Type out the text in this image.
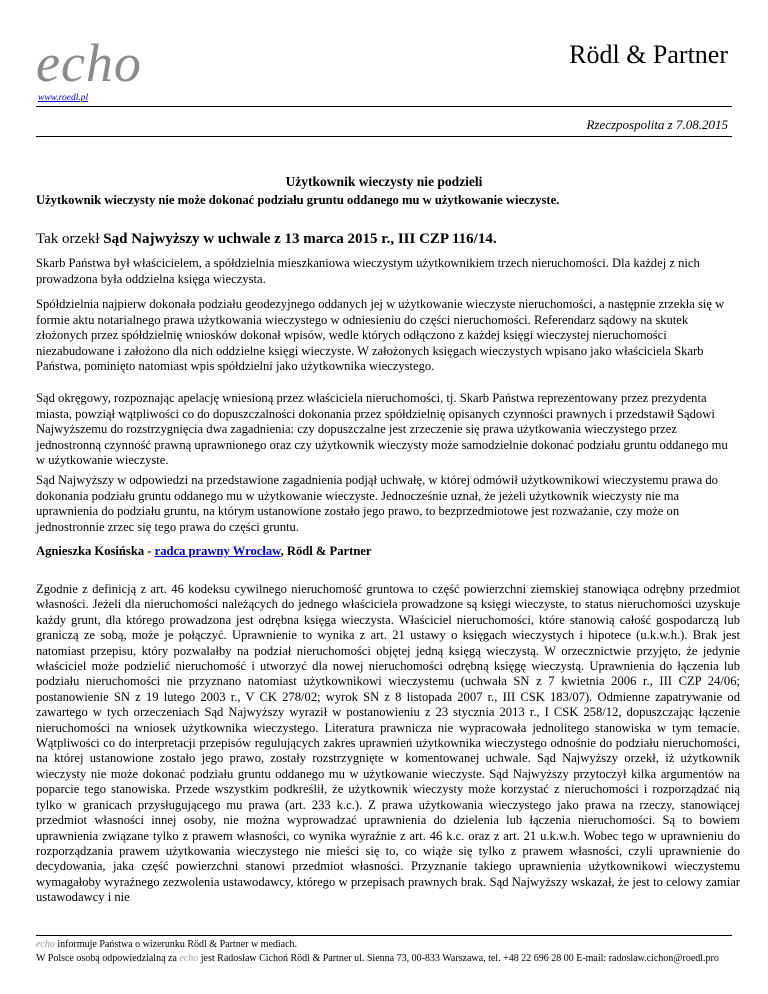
echo	Rödl & Partner
www.roedl.pl
Rzeczpospolita z 7.08.2015
Użytkownik wieczysty nie podzieli
Użytkownik wieczysty nie może dokonać podziału gruntu oddanego mu w użytkowanie wieczyste.
Tak orzekł Sąd Najwyższy w uchwale z 13 marca 2015 r., III CZP 116/14.
Skarb Państwa był właścicielem, a spółdzielnia mieszkaniowa wieczystym użytkownikiem trzech nieruchomości. Dla każdej z nich prowadzona była oddzielna księga wieczysta.
Spółdzielnia najpierw dokonała podziału geodezyjnego oddanych jej w użytkowanie wieczyste nieruchomości, a następnie zrzekła się w formie aktu notarialnego prawa użytkowania wieczystego w odniesieniu do części nieruchomości. Referendarz sądowy na skutek złożonych przez spółdzielnię wniosków dokonał wpisów, wedle których odłączono z każdej księgi wieczystej nieruchomości niezabudowane i założono dla nich oddzielne księgi wieczyste. W założonych księgach wieczystych wpisano jako właściciela Skarb Państwa, pominięto natomiast wpis spółdzielni jako użytkownika wieczystego.
Sąd okręgowy, rozpoznając apelację wniesioną przez właściciela nieruchomości, tj. Skarb Państwa reprezentowany przez prezydenta miasta, powziął wątpliwości co do dopuszczalności dokonania przez spółdzielnię opisanych czynności prawnych i przedstawił Sądowi Najwyższemu do rozstrzygnięcia dwa zagadnienia: czy dopuszczalne jest zrzeczenie się prawa użytkowania wieczystego przez jednostronną czynność prawną uprawnionego oraz czy użytkownik wieczysty może samodzielnie dokonać podziału gruntu oddanego mu w użytkowanie wieczyste.
Sąd Najwyższy w odpowiedzi na przedstawione zagadnienia podjął uchwałę, w której odmówił użytkownikowi wieczystemu prawa do dokonania podziału gruntu oddanego mu w użytkowanie wieczyste. Jednocześnie uznał, że jeżeli użytkownik wieczysty nie ma uprawnienia do podziału gruntu, na którym ustanowione zostało jego prawo, to bezprzedmiotowe jest rozważanie, czy może on jednostronnie zrzec się tego prawa do części gruntu.
Agnieszka Kosińska - radca prawny Wrocław, Rödl & Partner
Zgodnie z definicją z art. 46 kodeksu cywilnego nieruchomość gruntowa to część powierzchni ziemskiej stanowiąca odrębny przedmiot własności. Jeżeli dla nieruchomości należących do jednego właściciela prowadzone są księgi wieczyste, to status nieruchomości uzyskuje każdy grunt, dla którego prowadzona jest odrębna księga wieczysta. Właściciel nieruchomości, które stanowią całość gospodarczą lub graniczą ze sobą, może je połączyć. Uprawnienie to wynika z art. 21 ustawy o księgach wieczystych i hipotece (u.k.w.h.). Brak jest natomiast przepisu, który pozwalałby na podział nieruchomości objętej jedną księgą wieczystą. W orzecznictwie przyjęto, że jedynie właściciel może podzielić nieruchomość i utworzyć dla nowej nieruchomości odrębną księgę wieczystą. Uprawnienia do łączenia lub podziału nieruchomości nie przyznano natomiast użytkownikowi wieczystemu (uchwała SN z 7 kwietnia 2006 r., III CZP 24/06; postanowienie SN z 19 lutego 2003 r., V CK 278/02; wyrok SN z 8 listopada 2007 r., III CSK 183/07). Odmienne zapatrywanie od zawartego w tych orzeczeniach Sąd Najwyższy wyraził w postanowieniu z 23 stycznia 2013 r., I CSK 258/12, dopuszczając łączenie nieruchomości na wniosek użytkownika wieczystego. Literatura prawnicza nie wypracowała jednolitego stanowiska w tym temacie. Wątpliwości co do interpretacji przepisów regulujących zakres uprawnień użytkownika wieczystego odnośnie do podziału nieruchomości, na której ustanowione zostało jego prawo, zostały rozstrzygnięte w komentowanej uchwale. Sąd Najwyższy orzekł, iż użytkownik wieczysty nie może dokonać podziału gruntu oddanego mu w użytkowanie wieczyste. Sąd Najwyższy przytoczył kilka argumentów na poparcie tego stanowiska. Przede wszystkim podkreślił, że użytkownik wieczysty może korzystać z nieruchomości i rozporządzać nią tylko w granicach przysługującego mu prawa (art. 233 k.c.). Z prawa użytkowania wieczystego jako prawa na rzeczy, stanowiącej przedmiot własności innej osoby, nie można wyprowadzać uprawnienia do dzielenia lub łączenia nieruchomości. Są to bowiem uprawnienia związane tylko z prawem własności, co wynika wyraźnie z art. 46 k.c. oraz z art. 21 u.k.w.h. Wobec tego w uprawnieniu do rozporządzania prawem użytkowania wieczystego nie mieści się to, co wiąże się tylko z prawem własności, czyli uprawnienie do decydowania, jaka część powierzchni stanowi przedmiot własności. Przyznanie takiego uprawnienia użytkownikowi wieczystemu wymagałoby wyraźnego zezwolenia ustawodawcy, którego w przepisach prawnych brak. Sąd Najwyższy wskazał, że jest to celowy zamiar ustawodawcy i nie
echo informuje Państwa o wizerunku Rödl & Partner w mediach.
W Polsce osobą odpowiedzialną za echo jest Radosław Cichoń Rödl & Partner ul. Sienna 73, 00-833 Warszawa, tel. +48 22 696 28 00 E-mail: radoslaw.cichon@roedl.pro
